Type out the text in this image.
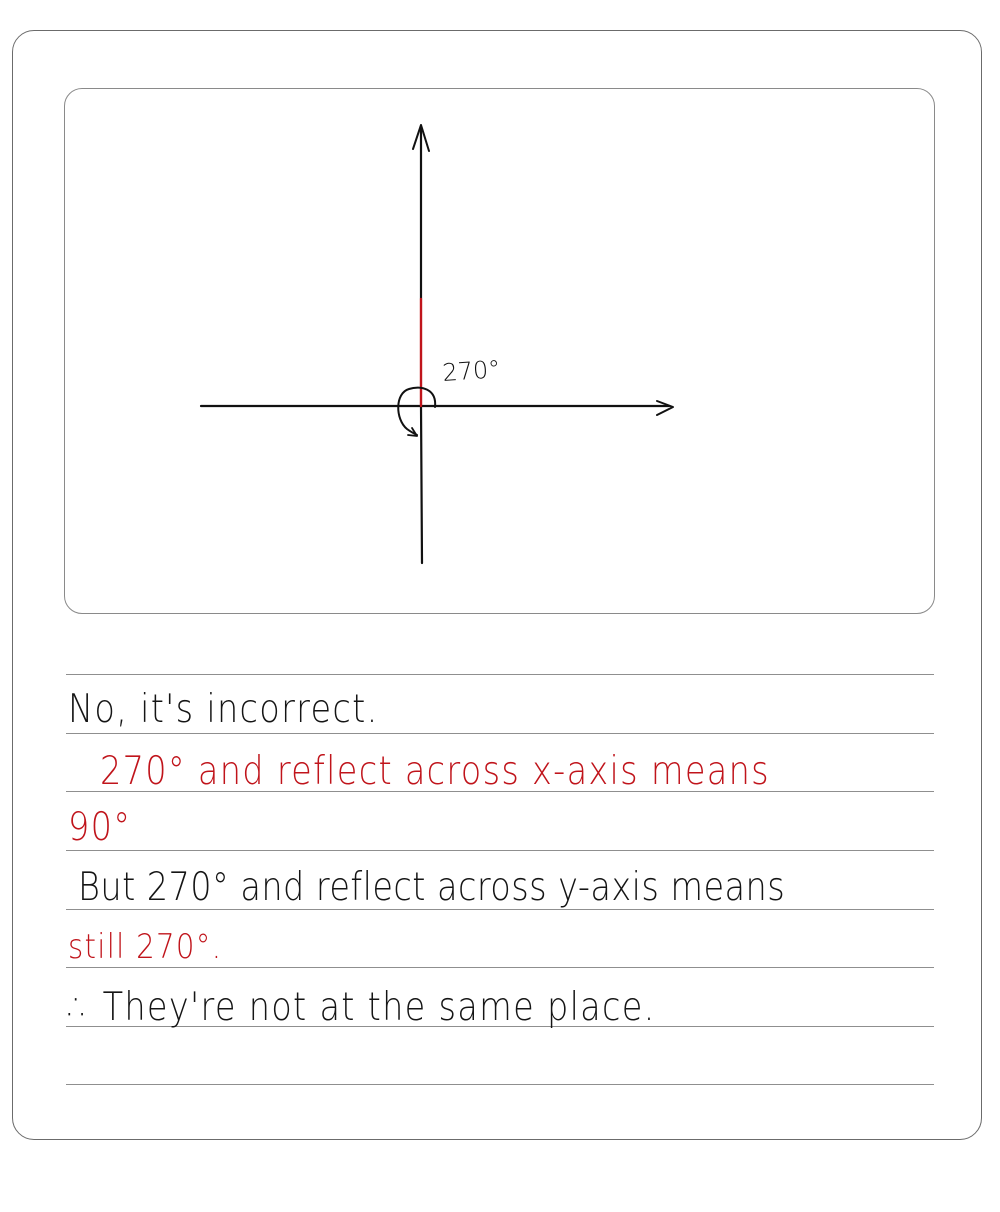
270°
No, it's incorrect.
270° and reflect across x-axis means
90°
But 270° and reflect across y-axis means
still 270°.
∴ They're not at the same place.
